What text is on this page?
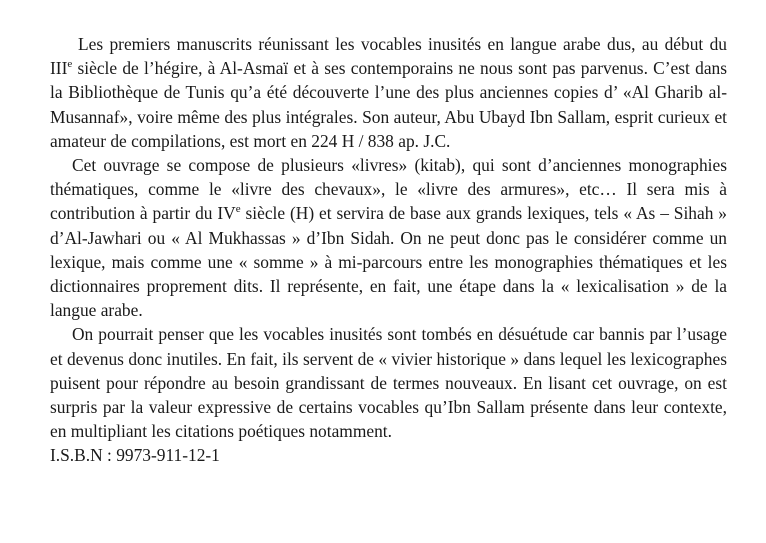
Les premiers manuscrits réunissant les vocables inusités en langue arabe dus, au début du IIIe siècle de l’hégire, à Al-Asmaï et à ses contemporains ne nous sont pas parvenus. C’est dans la Bibliothèque de Tunis qu’a été découverte l’une des plus anciennes copies d’ «Al Gharib al-Musannaf», voire même des plus intégrales. Son auteur, Abu Ubayd Ibn Sallam, esprit curieux et amateur de compilations, est mort en 224 H / 838 ap. J.C.

Cet ouvrage se compose de plusieurs «livres» (kitab), qui sont d’anciennes monographies thématiques, comme le «livre des chevaux», le «livre des armures», etc… Il sera mis à contribution à partir du IVe siècle (H) et servira de base aux grands lexiques, tels « As – Sihah » d’Al-Jawhari ou « Al Mukhassas » d’Ibn Sidah. On ne peut donc pas le considérer comme un lexique, mais comme une « somme » à mi-parcours entre les monographies thématiques et les dictionnaires proprement dits. Il représente, en fait, une étape dans la « lexicalisation » de la langue arabe.

On pourrait penser que les vocables inusités sont tombés en désuétude car bannis par l’usage et devenus donc inutiles. En fait, ils servent de « vivier historique » dans lequel les lexicographes puisent pour répondre au besoin grandissant de termes nouveaux. En lisant cet ouvrage, on est surpris par la valeur expressive de certains vocables qu’Ibn Sallam présente dans leur contexte, en multipliant les citations poétiques notamment.

I.S.B.N : 9973-911-12-1
